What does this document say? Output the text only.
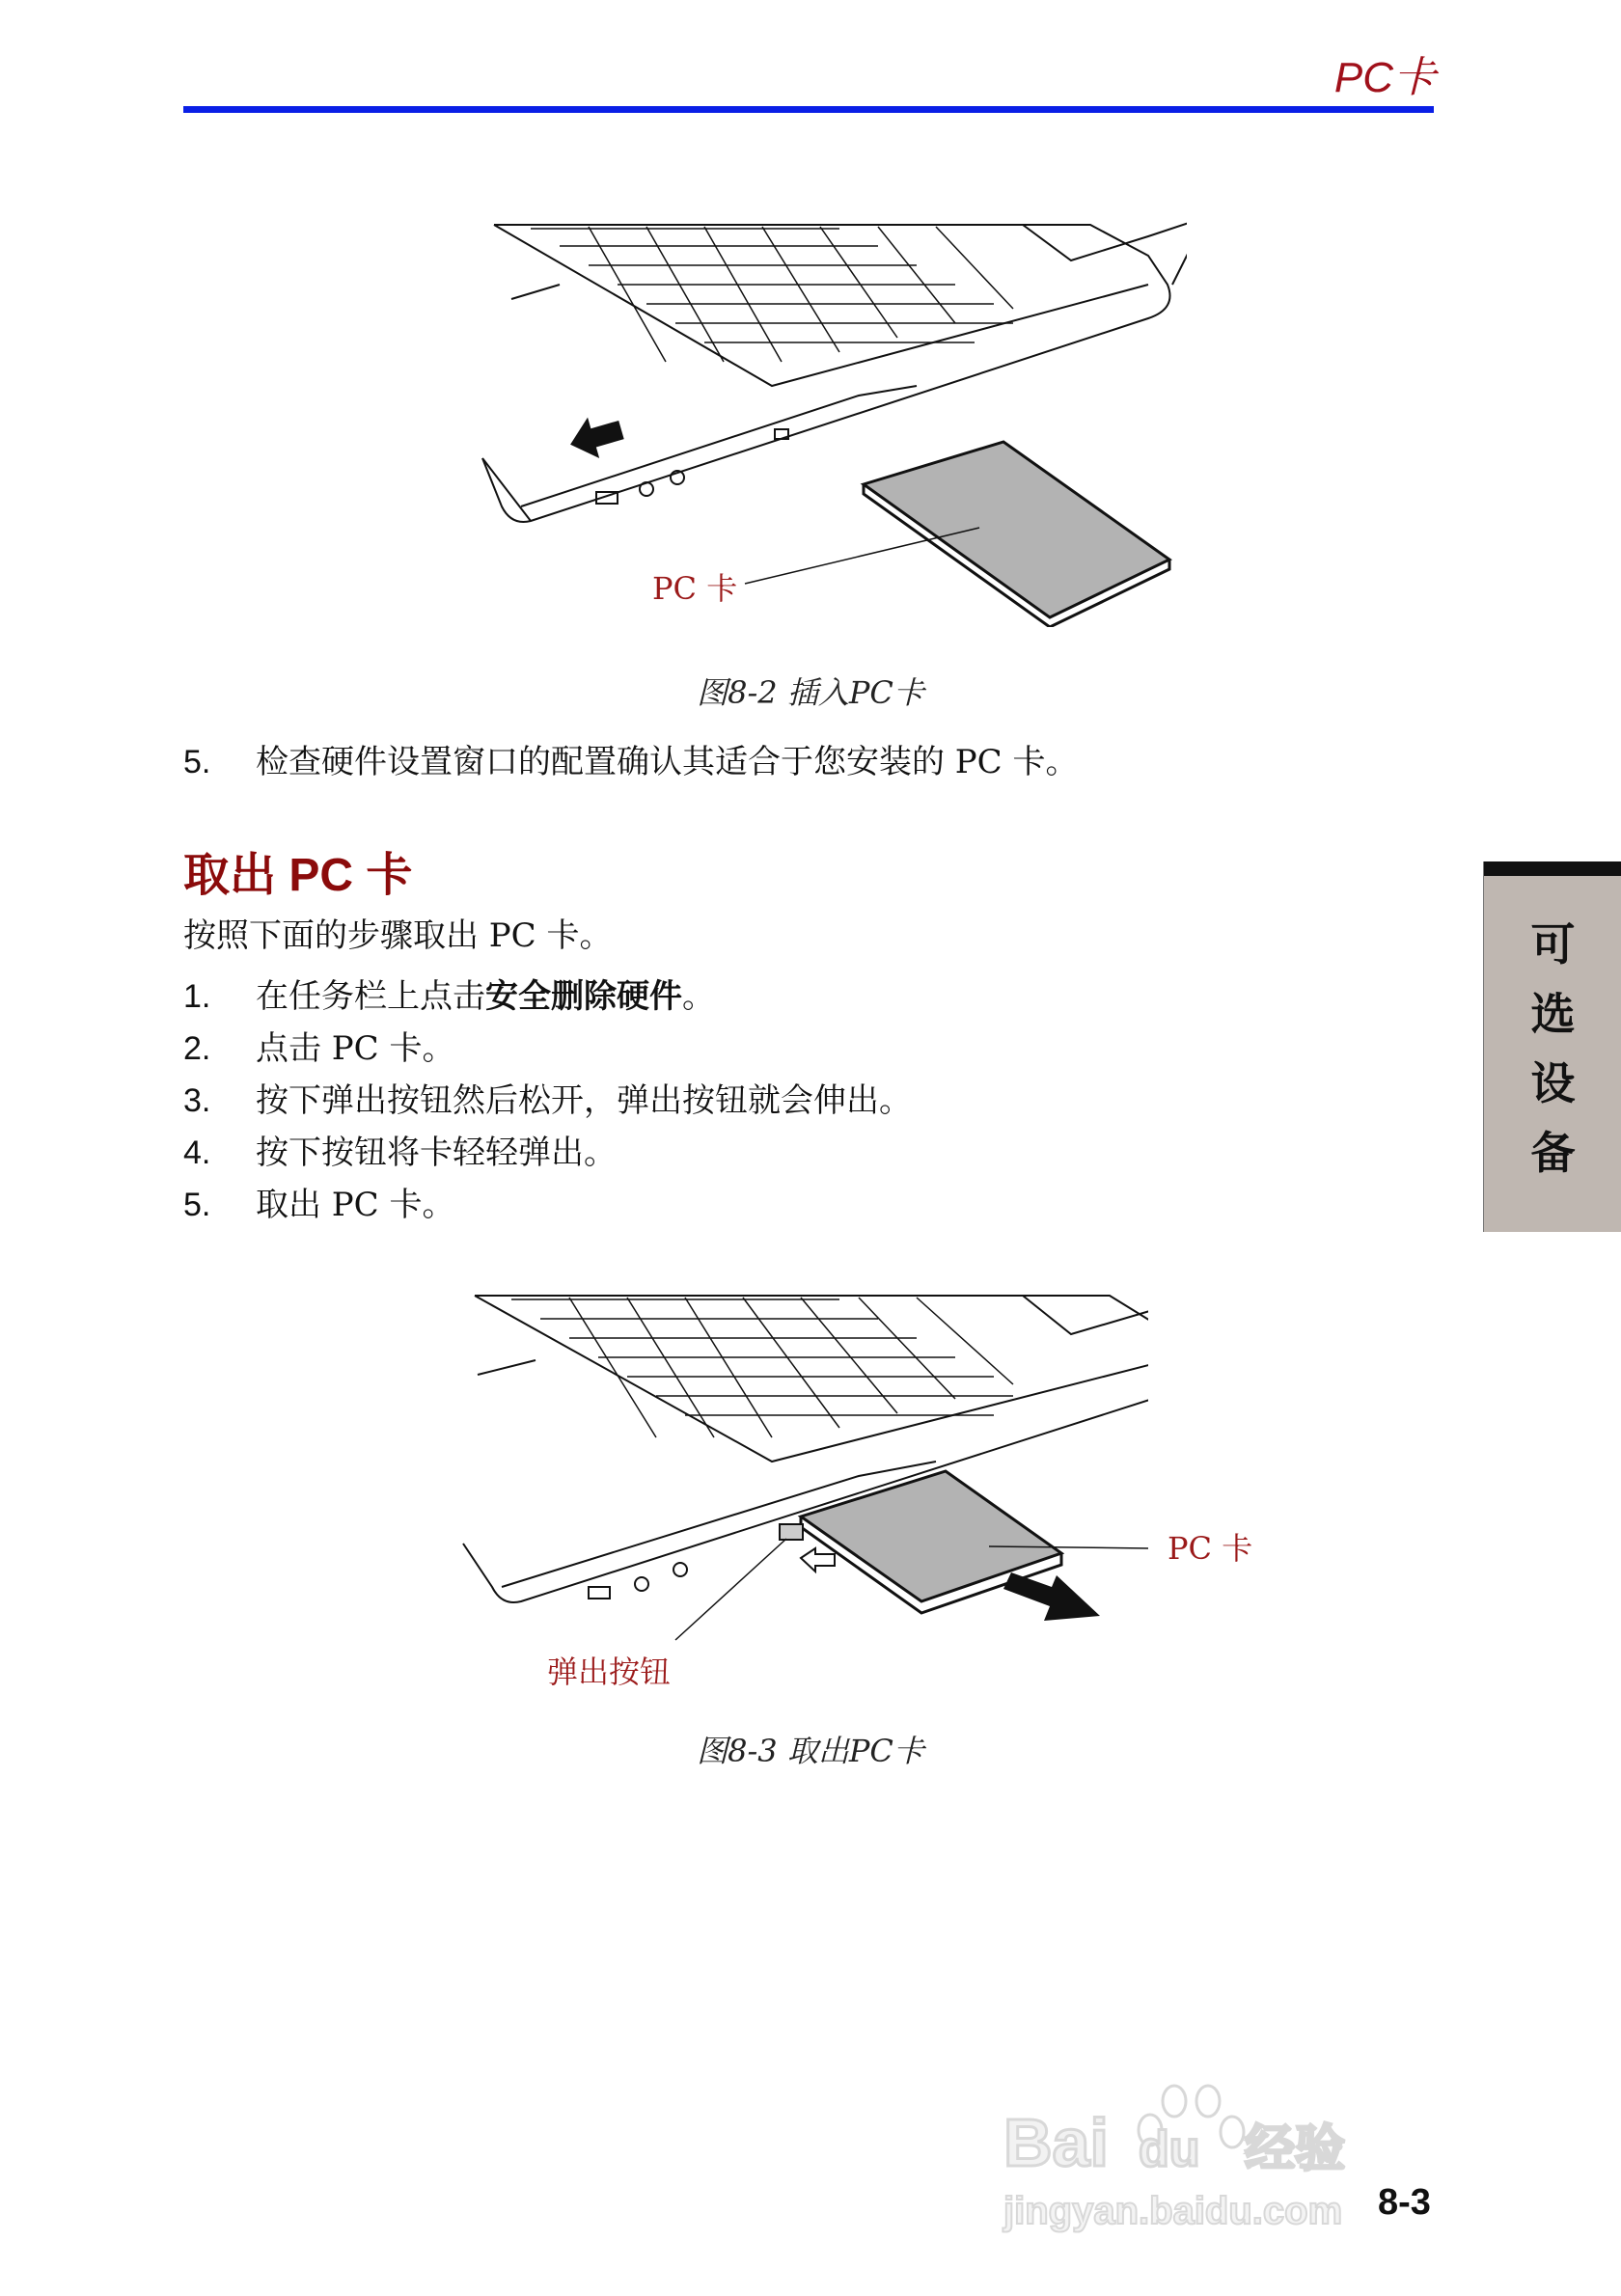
PC卡
PC 卡
图8-2 插入PC卡
5. 检查硬件设置窗口的配置确认其适合于您安装的 PC 卡。
取出 PC 卡
按照下面的步骤取出 PC 卡。
1. 在任务栏上点击安全删除硬件。
2. 点击 PC 卡。
3. 按下弹出按钮然后松开，弹出按钮就会伸出。
4. 按下按钮将卡轻轻弹出。
5. 取出 PC 卡。
PC 卡
弹出按钮
图8-3 取出PC卡
可
选
设
备
Bai du 经验
jingyan.baidu.com 8-3
